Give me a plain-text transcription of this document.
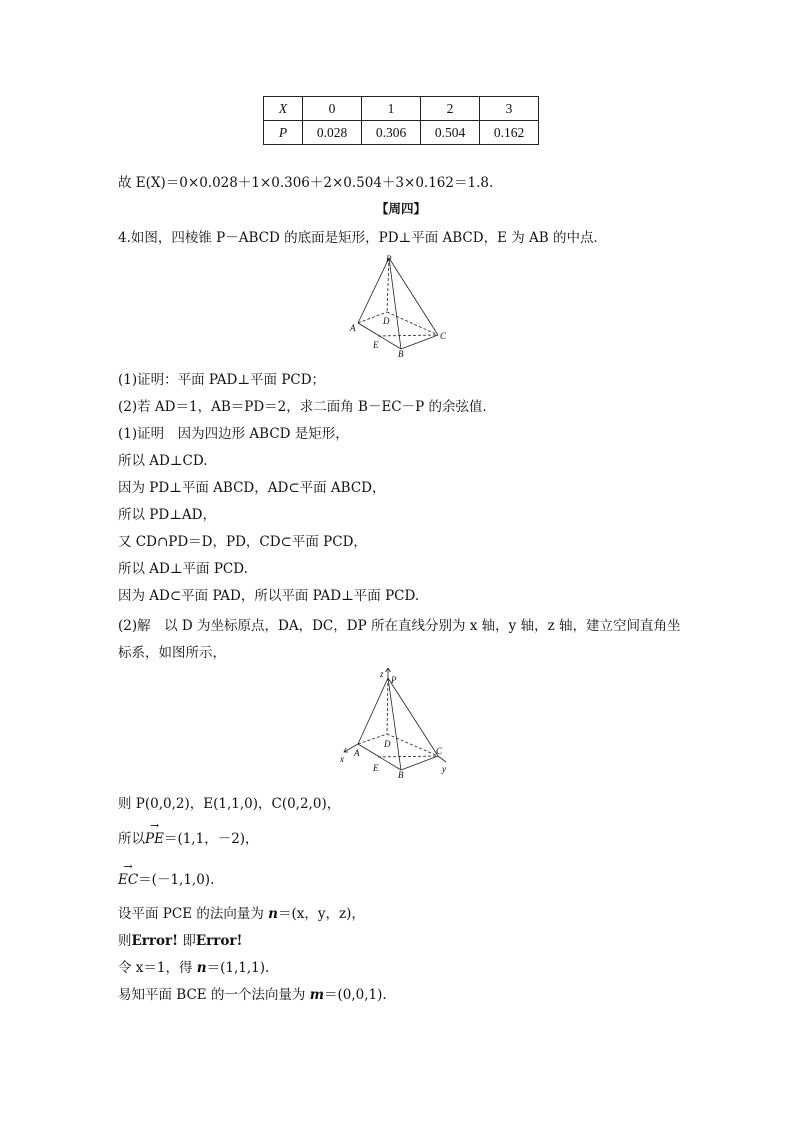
X	0	1	2	3
P	0.028	0.306	0.504	0.162
故 E(X)＝0×0.028＋1×0.306＋2×0.504＋3×0.162＝1.8.
【周四】
4.如图，四棱锥 P－ABCD 的底面是矩形，PD⊥平面 ABCD，E 为 AB 的中点．
P
A
B
C
D
E
(1)证明：平面 PAD⊥平面 PCD；
(2)若 AD＝1，AB＝PD＝2，求二面角 B－EC－P 的余弦值．
(1)证明　因为四边形 ABCD 是矩形，
所以 AD⊥CD.
因为 PD⊥平面 ABCD，AD⊂平面 ABCD，
所以 PD⊥AD，
又 CD∩PD＝D，PD，CD⊂平面 PCD，
所以 AD⊥平面 PCD.
因为 AD⊂平面 PAD，所以平面 PAD⊥平面 PCD.
(2)解　以 D 为坐标原点，DA，DC，DP 所在直线分别为 x 轴，y 轴，z 轴，建立空间直角坐
标系，如图所示，
z
P
A
x
B
C
y
D
E
则 P(0,0,2)，E(1,1,0)，C(0,2,0)，
所以→ PE＝(1,1，－2)，
→ EC＝(－1,1,0).
设平面 PCE 的法向量为 n＝(x，y，z)，
则Error! 即Error!
令 x＝1，得 n＝(1,1,1).
易知平面 BCE 的一个法向量为 m＝(0,0,1).
